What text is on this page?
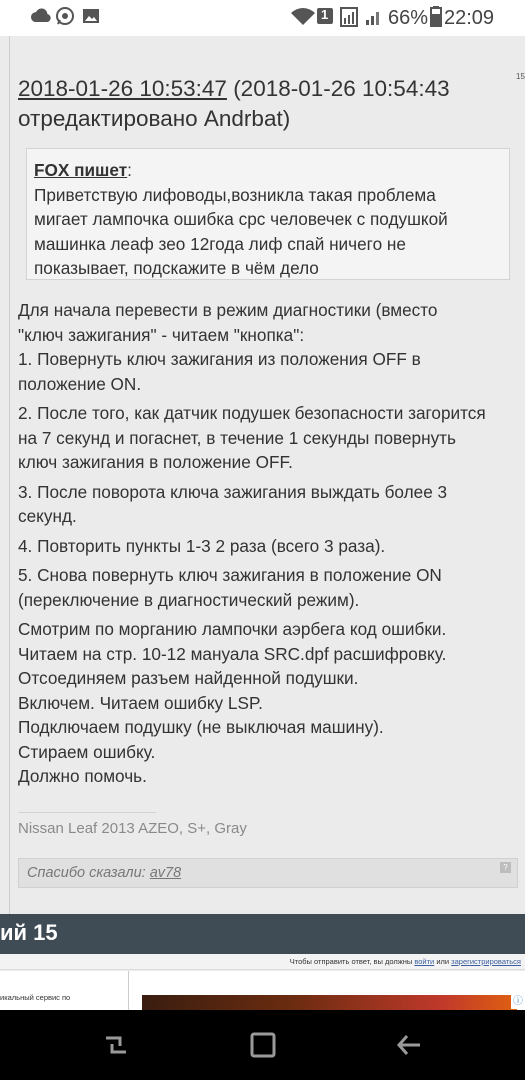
1	66% 22:09
15
2018-01-26 10:53:47 (2018-01-26 10:54:43 отредактировано Andrbat)
FOX пишет:
Приветствую лифоводы,возникла такая проблема
мигает лампочка ошибка срс человечек с подушкой
машинка леаф зео 12года лиф спай ничего не
показывает, подскажите в чём дело

Для начала перевести в режим диагностики (вместо
"ключ зажигания" - читаем "кнопка":
1. Повернуть ключ зажигания из положения OFF в
положение ON.

2. После того, как датчик подушек безопасности загорится
на 7 секунд и погаснет, в течение 1 секунды повернуть
ключ зажигания в положение OFF.

3. После поворота ключа зажигания выждать более 3
секунд.

4. Повторить пункты 1-3 2 раза (всего 3 раза).

5. Снова повернуть ключ зажигания в положение ON
(переключение в диагностический режим).

Смотрим по морганию лампочки аэрбега код ошибки.
Читаем на стр. 10-12 мануала SRC.dpf расшифровку.
Отсоединяем разъем найденной подушки.
Включем. Читаем ошибку LSP.
Подключаем подушку (не выключая машину).
Стираем ошибку.
Должно помочь.

Nissan Leaf 2013 AZEO, S+, Gray
Спасибо сказали: av78	?
ий 15
Чтобы отправить ответ, вы должны войти или зарегистрироваться
икальный сервис по	ⓘ
